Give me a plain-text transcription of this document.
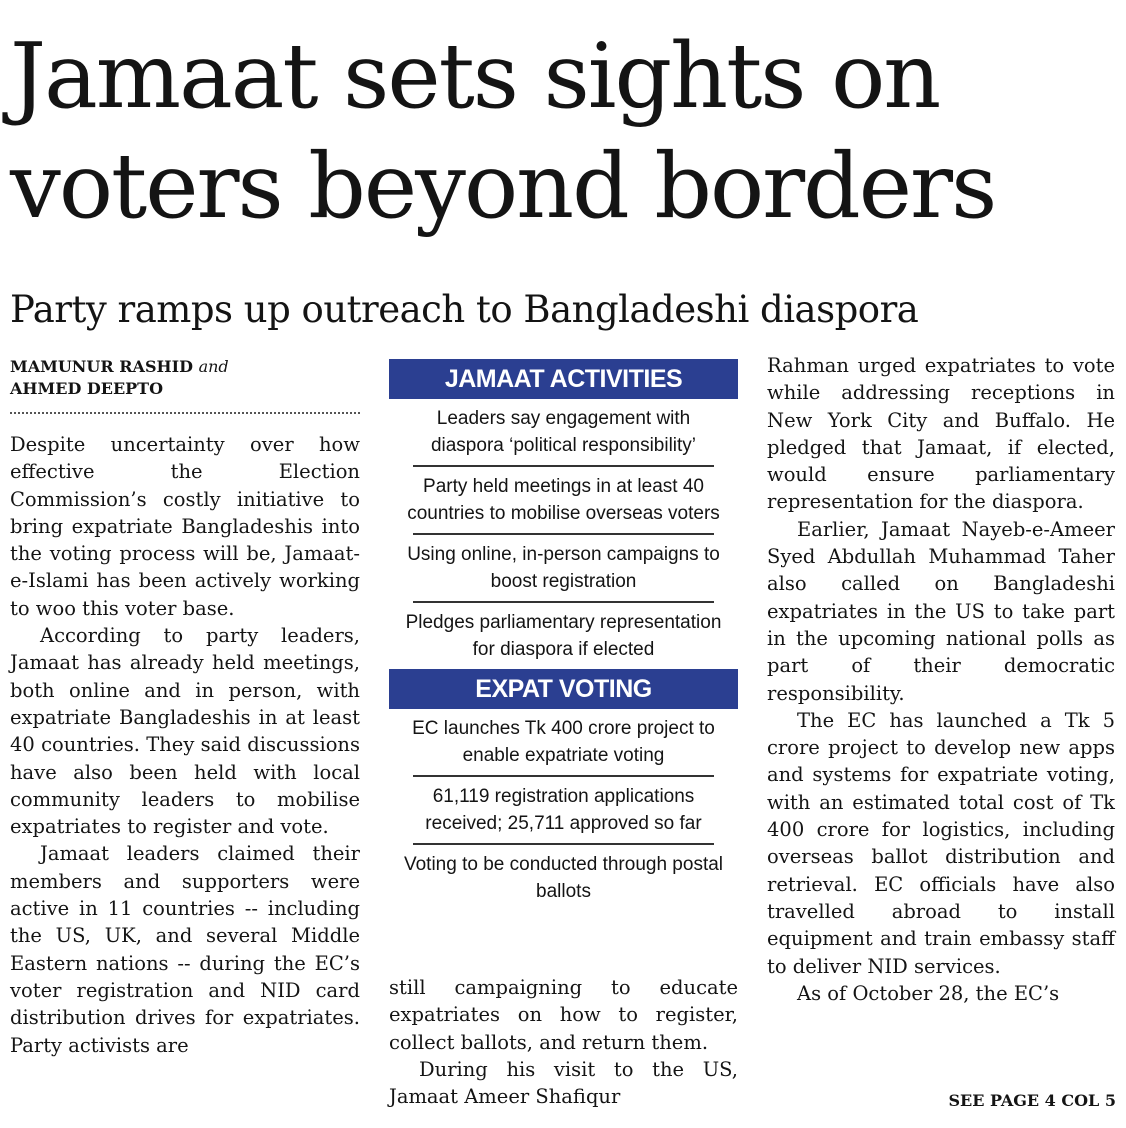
Jamaat sets sights on voters beyond borders
Party ramps up outreach to Bangladeshi diaspora
MAMUNUR RASHID and
AHMED DEEPTO

Despite uncertainty over how effective the Election Commission’s costly initiative to bring expatriate Bangladeshis into the voting process will be, Jamaat-e-Islami has been actively working to woo this voter base.

According to party leaders, Jamaat has already held meetings, both online and in person, with expatriate Bangladeshis in at least 40 countries. They said discussions have also been held with local community leaders to mobilise expatriates to register and vote.

Jamaat leaders claimed their members and supporters were active in 11 countries -- including the US, UK, and several Middle Eastern nations -- during the EC’s voter registration and NID card distribution drives for expatriates. Party activists are

JAMAAT ACTIVITIES
Leaders say engagement with diaspora ‘political responsibility’
Party held meetings in at least 40 countries to mobilise overseas voters
Using online, in-person campaigns to boost registration
Pledges parliamentary representation for diaspora if elected
EXPAT VOTING
EC launches Tk 400 crore project to enable expatriate voting
61,119 registration applications received; 25,711 approved so far
Voting to be conducted through postal ballots

still campaigning to educate expatriates on how to register, collect ballots, and return them.

During his visit to the US, Jamaat Ameer Shafiqur

Rahman urged expatriates to vote while addressing receptions in New York City and Buffalo. He pledged that Jamaat, if elected, would ensure parliamentary representation for the diaspora.

Earlier, Jamaat Nayeb-e-Ameer Syed Abdullah Muhammad Taher also called on Bangladeshi expatriates in the US to take part in the upcoming national polls as part of their democratic responsibility.

The EC has launched a Tk 5 crore project to develop new apps and systems for expatriate voting, with an estimated total cost of Tk 400 crore for logistics, including overseas ballot distribution and retrieval. EC officials have also travelled abroad to install equipment and train embassy staff to deliver NID services.

As of October 28, the EC’s

SEE PAGE 4 COL 5
